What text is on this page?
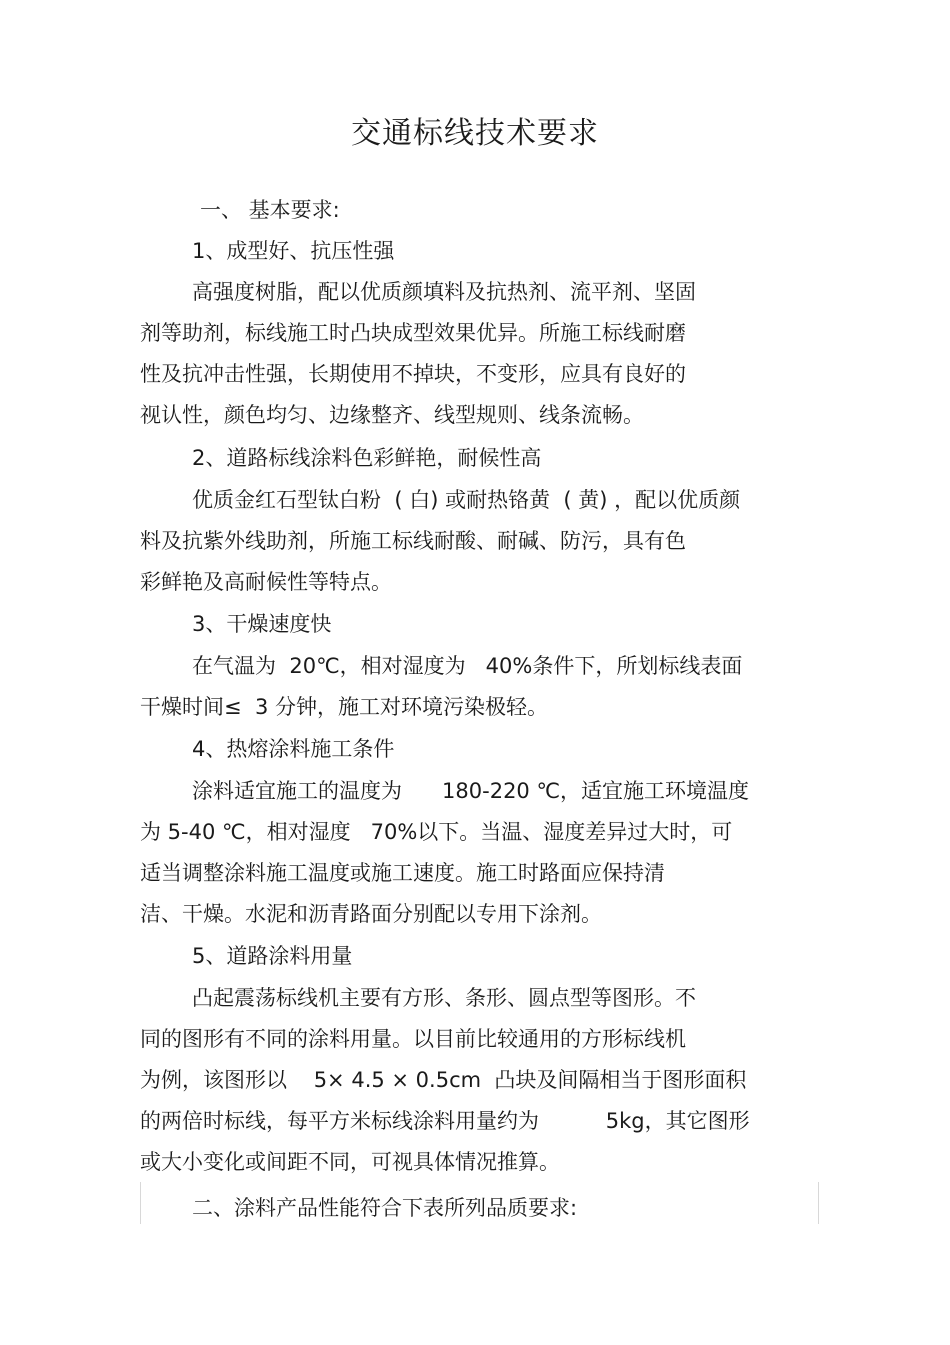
交通标线技术要求
一、 基本要求:
1、成型好、抗压性强
高强度树脂，配以优质颜填料及抗热剂、流平剂、坚固
剂等助剂，标线施工时凸块成型效果优异。所施工标线耐磨
性及抗冲击性强，长期使用不掉块，不变形，应具有良好的
视认性，颜色均匀、边缘整齐、线型规则、线条流畅。
2、道路标线涂料色彩鲜艳，耐候性高
优质金红石型钛白粉  ( 白) 或耐热铬黄  ( 黄) ，配以优质颜
料及抗紫外线助剂，所施工标线耐酸、耐碱、防污，具有色
彩鲜艳及高耐候性等特点。
3、干燥速度快
在气温为  20℃，相对湿度为   40%条件下，所划标线表面
干燥时间≤  3 分钟，施工对环境污染极轻。
4、热熔涂料施工条件
涂料适宜施工的温度为      180-220 ℃，适宜施工环境温度
为 5-40 ℃，相对湿度   70%以下。当温、湿度差异过大时，可
适当调整涂料施工温度或施工速度。施工时路面应保持清
洁、干燥。水泥和沥青路面分别配以专用下涂剂。
5、道路涂料用量
凸起震荡标线机主要有方形、条形、圆点型等图形。不
同的图形有不同的涂料用量。以目前比较通用的方形标线机
为例，该图形以    5× 4.5 × 0.5cm  凸块及间隔相当于图形面积
的两倍时标线，每平方米标线涂料用量约为          5kg，其它图形
或大小变化或间距不同，可视具体情况推算。
二、涂料产品性能符合下表所列品质要求:
